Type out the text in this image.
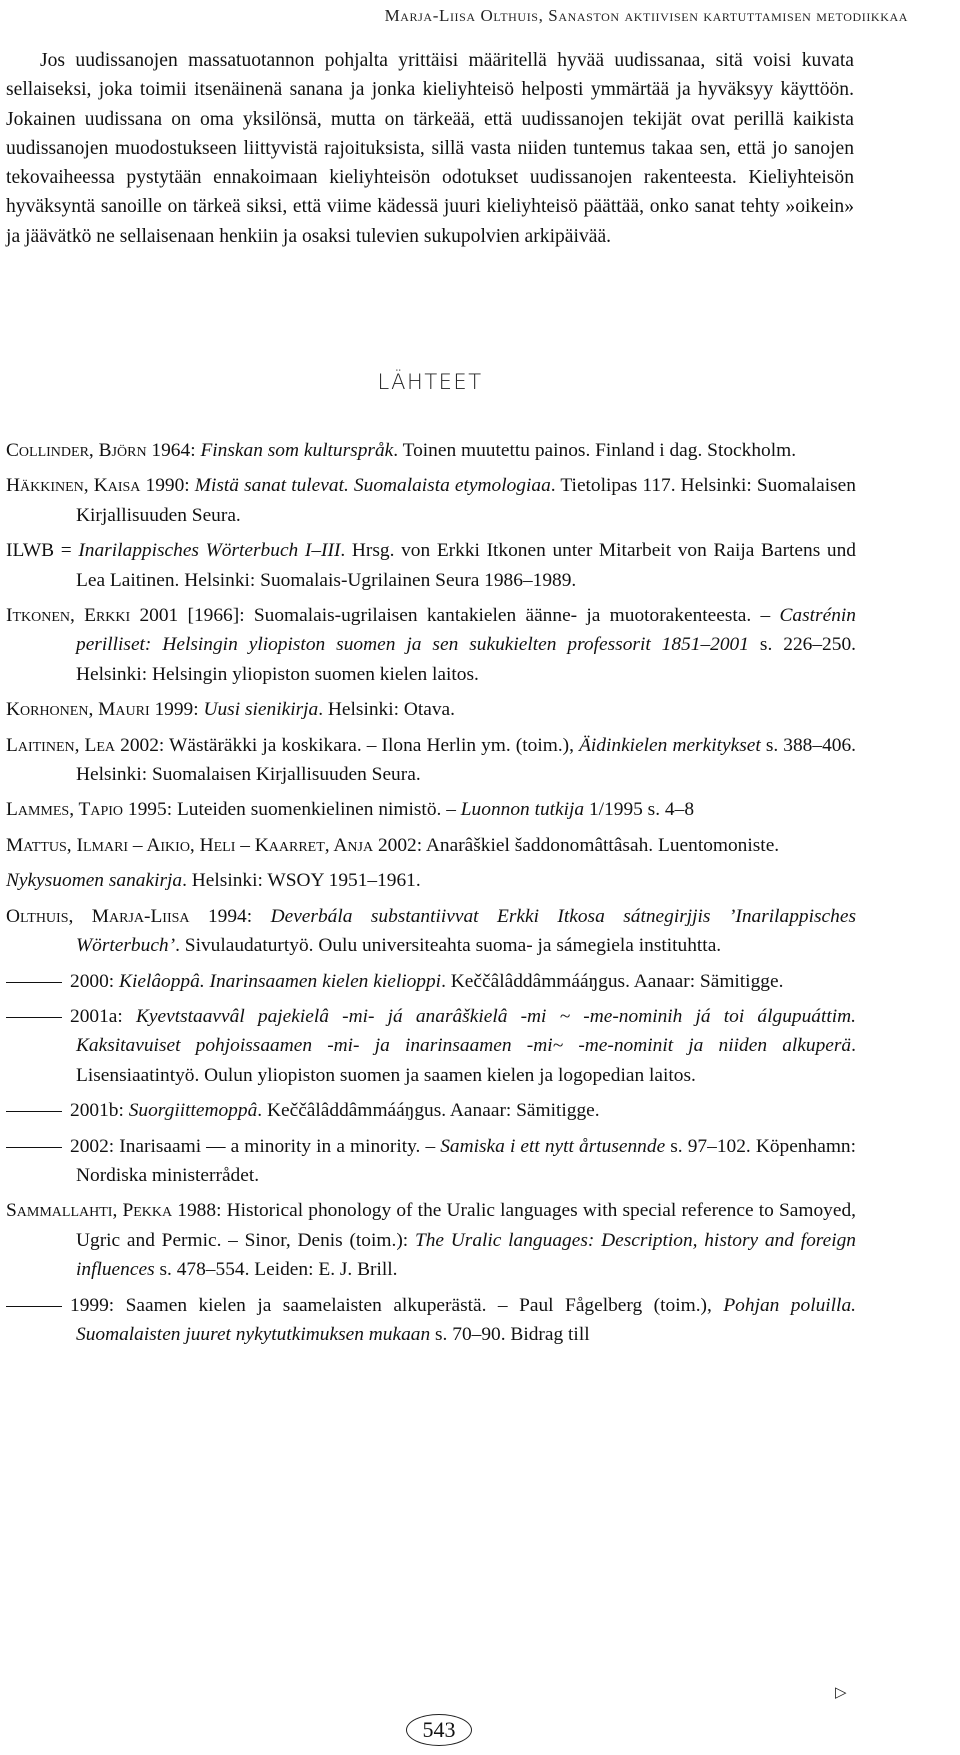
Marja-Liisa Olthuis, Sanaston aktiivisen kartuttamisen metodiikkaa

Jos uudissanojen massatuotannon pohjalta yrittäisi määritellä hyvää uudissanaa, sitä voisi kuvata sellaiseksi, joka toimii itsenäinenä sanana ja jonka kieliyhteisö helposti ymmärtää ja hyväksyy käyttöön. Jokainen uudissana on oma yksilönsä, mutta on tärkeää, että uudissanojen tekijät ovat perillä kaikista uudissanojen muodostukseen liittyvistä rajoituksista, sillä vasta niiden tuntemus takaa sen, että jo sanojen tekovaiheessa pystytään ennakoimaan kieliyhteisön odotukset uudissanojen rakenteesta. Kieliyhteisön hyväksyntä sanoille on tärkeä siksi, että viime kädessä juuri kieliyhteisö päättää, onko sanat tehty »oikein» ja jäävätkö ne sellaisenaan henkiin ja osaksi tulevien sukupolvien arkipäivää.

LÄHTEET

Collinder, Björn 1964: Finskan som kulturspråk. Toinen muutettu painos. Finland i dag. Stockholm.

Häkkinen, Kaisa 1990: Mistä sanat tulevat. Suomalaista etymologiaa. Tietolipas 117. Helsinki: Suomalaisen Kirjallisuuden Seura.

ILWB = Inarilappisches Wörterbuch I–III. Hrsg. von Erkki Itkonen unter Mitarbeit von Raija Bartens und Lea Laitinen. Helsinki: Suomalais-Ugrilainen Seura 1986–1989.

Itkonen, Erkki 2001 [1966]: Suomalais-ugrilaisen kantakielen äänne- ja muotorakenteesta. – Castrénin perilliset: Helsingin yliopiston suomen ja sen sukukielten professorit 1851–2001 s. 226–250. Helsinki: Helsingin yliopiston suomen kielen laitos.

Korhonen, Mauri 1999: Uusi sienikirja. Helsinki: Otava.

Laitinen, Lea 2002: Wästäräkki ja koskikara. – Ilona Herlin ym. (toim.), Äidinkielen merkitykset s. 388–406. Helsinki: Suomalaisen Kirjallisuuden Seura.

Lammes, Tapio 1995: Luteiden suomenkielinen nimistö. – Luonnon tutkija 1/1995 s. 4–8

Mattus, Ilmari – Aikio, Heli – Kaarret, Anja 2002: Anarâškiel šaddonomâttâsah. Luentomoniste.

Nykysuomen sanakirja. Helsinki: WSOY 1951–1961.

Olthuis, Marja-Liisa 1994: Deverbála substantiivvat Erkki Itkosa sátnegirjjis ’Inarilappisches Wörterbuch’. Sivulaudaturtyö. Oulu universiteahta suoma- ja sámegiela instituhtta.

2000: Kielâoppâ. Inarinsaamen kielen kielioppi. Keččâlâddâmmááŋgus. Aanaar: Sämitigge.

2001a: Kyevtstaavvâl pajekielâ -mi- já anarâškielâ -mi ~ -me-nominih já toi álgupuáttim. Kaksitavuiset pohjoissaamen -mi- ja inarinsaamen -mi~ -me-nominit ja niiden alkuperä. Lisensiaatintyö. Oulun yliopiston suomen ja saamen kielen ja logopedian laitos.

2001b: Suorgiittemoppâ. Keččâlâddâmmááŋgus. Aanaar: Sämitigge.

2002: Inarisaami — a minority in a minority. – Samiska i ett nytt årtusennde s. 97–102. Köpenhamn: Nordiska ministerrådet.

Sammallahti, Pekka 1988: Historical phonology of the Uralic languages with special reference to Samoyed, Ugric and Permic. – Sinor, Denis (toim.): The Uralic languages: Description, history and foreign influences s. 478–554. Leiden: E. J. Brill.

1999: Saamen kielen ja saamelaisten alkuperästä. – Paul Fågelberg (toim.), Pohjan poluilla. Suomalaisten juuret nykytutkimuksen mukaan s. 70–90. Bidrag till

▷
543
